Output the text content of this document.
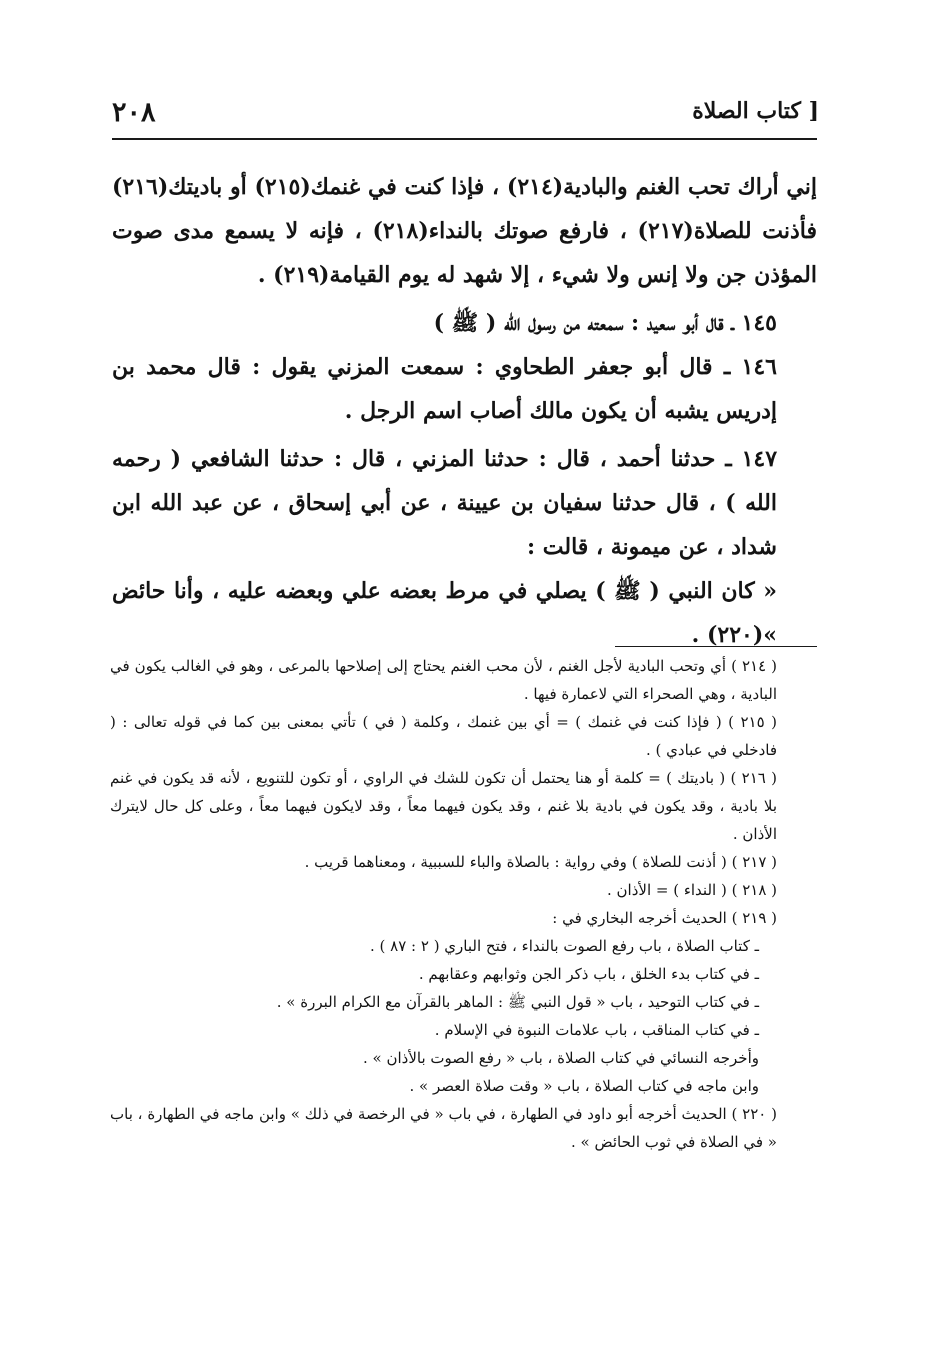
[ كتاب الصلاة
٢٠٨

إني أراك تحب الغنم والبادية(٢١٤) ، فإذا كنت في غنمك(٢١٥) أو باديتك(٢١٦) فأذنت للصلاة(٢١٧) ، فارفع صوتك بالنداء(٢١٨) ، فإنه لا يسمع مدى صوت المؤذن جن ولا إنس ولا شيء ، إلا شهد له يوم القيامة(٢١٩) .

١٤٥ ـ قال أبو سعيد : سمعته من رسول الله ( ﷺ )

١٤٦ ـ قال أبو جعفر الطحاوي : سمعت المزني يقول : قال محمد بن إدريس يشبه أن يكون مالك أصاب اسم الرجل .

١٤٧ ـ حدثنا أحمد ، قال : حدثنا المزني ، قال : حدثنا الشافعي ( رحمه الله ) ، قال حدثنا سفيان بن عيينة ، عن أبي إسحاق ، عن عبد الله ابن شداد ، عن ميمونة ، قالت :

« كان النبي ( ﷺ ) يصلي في مرط بعضه علي وبعضه عليه ، وأنا حائض »(٢٢٠) .

( ٢١٤ ) أي وتحب البادية لأجل الغنم ، لأن محب الغنم يحتاج إلى إصلاحها بالمرعى ، وهو في الغالب يكون في البادية ، وهي الصحراء التي لاعمارة فيها .

( ٢١٥ ) ( فإذا كنت في غنمك ) = أي بين غنمك ، وكلمة ( في ) تأتي بمعنى بين كما في قوله تعالى : ( فادخلي في عبادي ) .

( ٢١٦ ) ( باديتك ) = كلمة أو هنا يحتمل أن تكون للشك في الراوي ، أو تكون للتنويع ، لأنه قد يكون في غنم بلا بادية ، وقد يكون في بادية بلا غنم ، وقد يكون فيهما معاً ، وقد لايكون فيهما معاً ، وعلى كل حال لايترك الأذان .

( ٢١٧ ) ( أذنت للصلاة ) وفي رواية : بالصلاة والباء للسببية ، ومعناهما قريب .

( ٢١٨ ) ( النداء ) = الأذان .

( ٢١٩ ) الحديث أخرجه البخاري في :

ـ كتاب الصلاة ، باب رفع الصوت بالنداء ، فتح الباري ( ٢ : ٨٧ ) .

ـ في كتاب بدء الخلق ، باب ذكر الجن وثوابهم وعقابهم .

ـ في كتاب التوحيد ، باب « قول النبي ﷺ : الماهر بالقرآن مع الكرام البررة » .

ـ في كتاب المناقب ، باب علامات النبوة في الإسلام .

وأخرجه النسائي في كتاب الصلاة ، باب « رفع الصوت بالأذان » .

وابن ماجه في كتاب الصلاة ، باب « وقت صلاة العصر » .

( ٢٢٠ ) الحديث أخرجه أبو داود في الطهارة ، في باب « في الرخصة في ذلك » وابن ماجه في الطهارة ، باب « في الصلاة في ثوب الحائض » .
